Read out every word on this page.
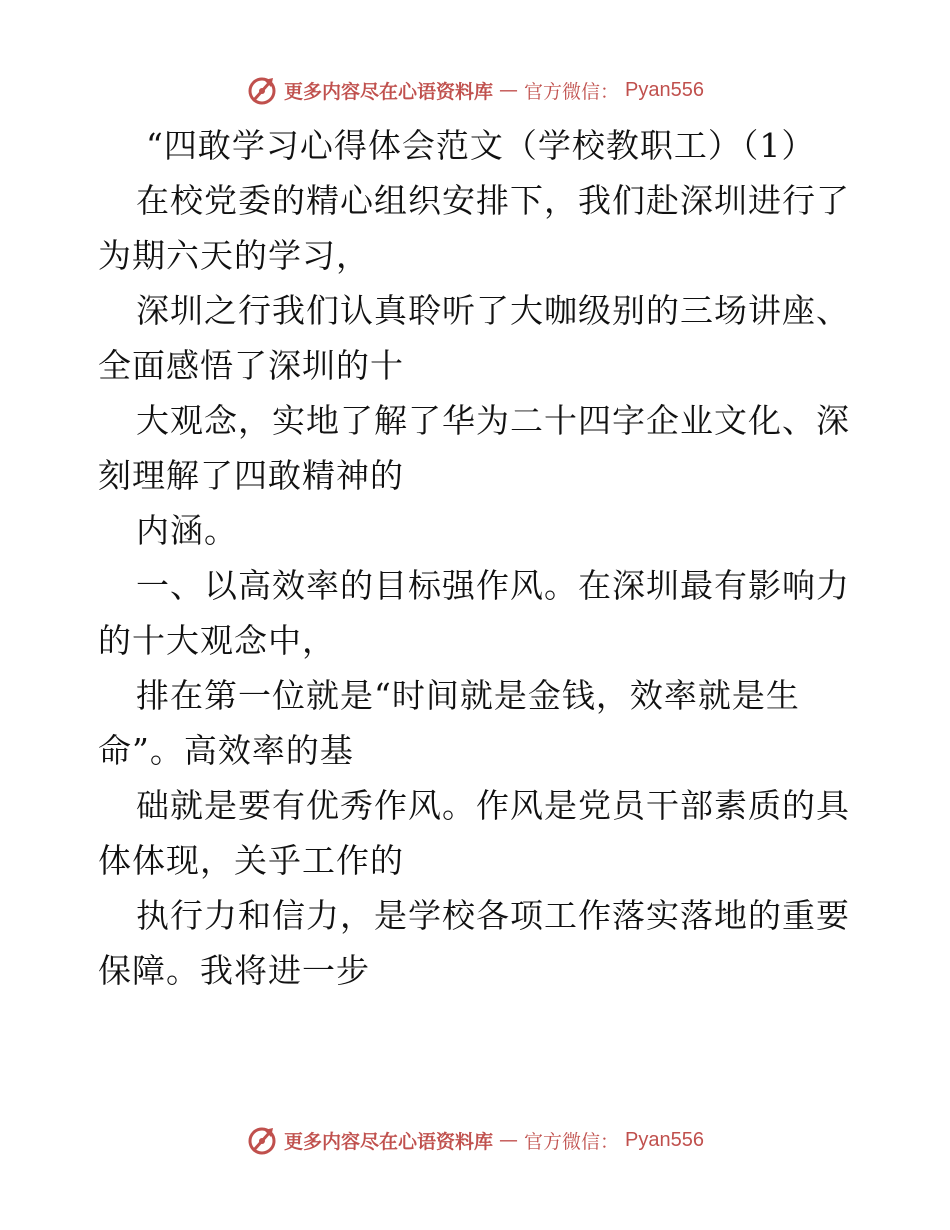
更多内容尽在心语资料库 — 官方微信： Pyan556
“四敢学习心得体会范文（学校教职工）（1）
在校党委的精心组织安排下，我们赴深圳进行了
为期六天的学习，
深圳之行我们认真聆听了大咖级别的三场讲座、
全面感悟了深圳的十
大观念，实地了解了华为二十四字企业文化、深
刻理解了四敢精神的
内涵。
一、以高效率的目标强作风。在深圳最有影响力
的十大观念中，
排在第一位就是“时间就是金钱，效率就是生
命”。高效率的基
础就是要有优秀作风。作风是党员干部素质的具
体体现，关乎工作的
执行力和信力，是学校各项工作落实落地的重要
保障。我将进一步
更多内容尽在心语资料库 — 官方微信： Pyan556
